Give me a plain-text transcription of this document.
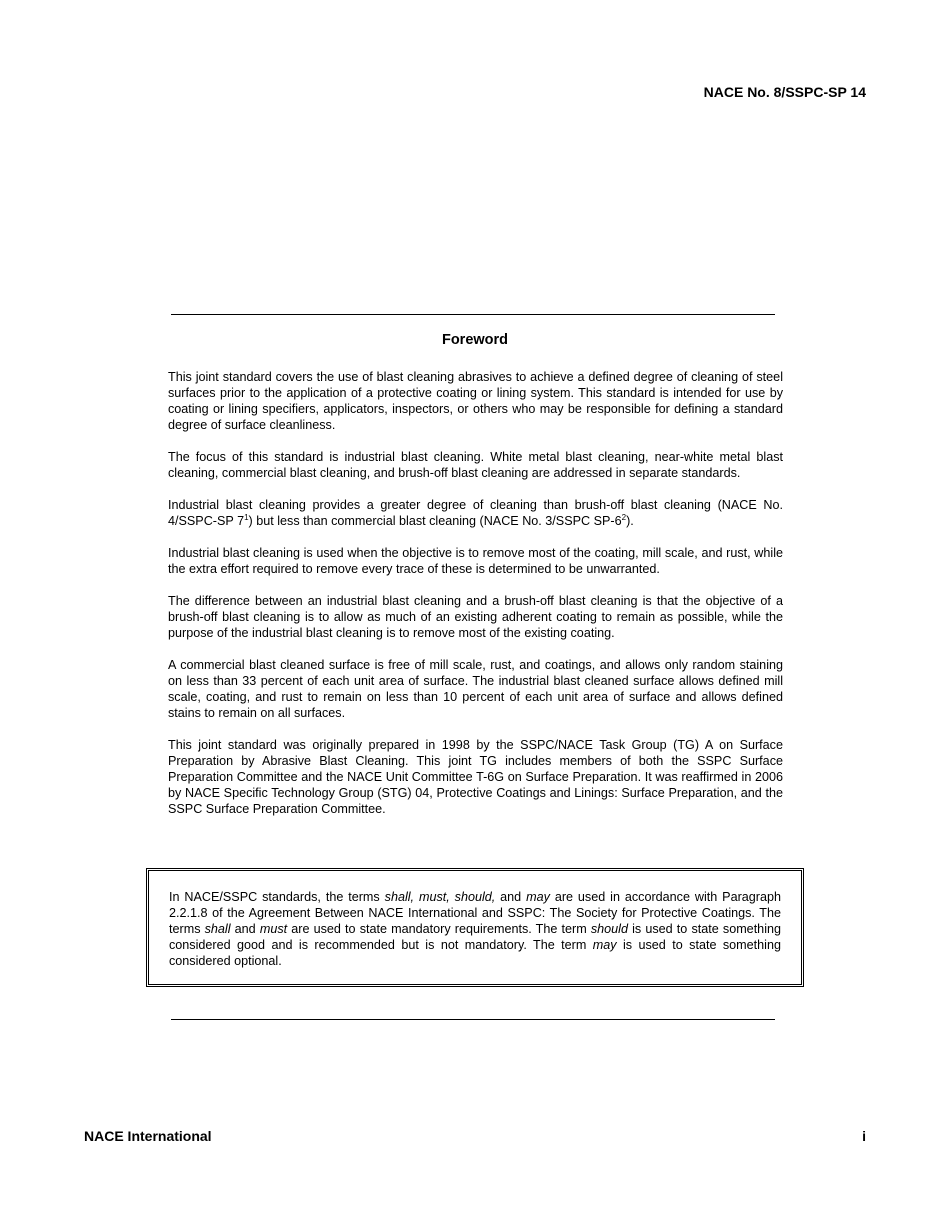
NACE No. 8/SSPC-SP 14
Foreword

This joint standard covers the use of blast cleaning abrasives to achieve a defined degree of cleaning of steel surfaces prior to the application of a protective coating or lining system. This standard is intended for use by coating or lining specifiers, applicators, inspectors, or others who may be responsible for defining a standard degree of surface cleanliness.

The focus of this standard is industrial blast cleaning. White metal blast cleaning, near-white metal blast cleaning, commercial blast cleaning, and brush-off blast cleaning are addressed in separate standards.

Industrial blast cleaning provides a greater degree of cleaning than brush-off blast cleaning (NACE No. 4/SSPC-SP $7^1$) but less than commercial blast cleaning (NACE No. 3/SSPC $SP-6^2$).

Industrial blast cleaning is used when the objective is to remove most of the coating, mill scale, and rust, while the extra effort required to remove every trace of these is determined to be unwarranted.

The difference between an industrial blast cleaning and a brush-off blast cleaning is that the objective of a brush-off blast cleaning is to allow as much of an existing adherent coating to remain as possible, while the purpose of the industrial blast cleaning is to remove most of the existing coating.

A commercial blast cleaned surface is free of mill scale, rust, and coatings, and allows only random staining on less than 33 percent of each unit area of surface. The industrial blast cleaned surface allows defined mill scale, coating, and rust to remain on less than 10 percent of each unit area of surface and allows defined stains to remain on all surfaces.

This joint standard was originally prepared in 1998 by the SSPC/NACE Task Group (TG) A on Surface Preparation by Abrasive Blast Cleaning. This joint TG includes members of both the SSPC Surface Preparation Committee and the NACE Unit Committee T-6G on Surface Preparation. It was reaffirmed in 2006 by NACE Specific Technology Group (STG) 04, Protective Coatings and Linings: Surface Preparation, and the SSPC Surface Preparation Committee.

In NACE/SSPC standards, the terms shall, must, should, and may are used in accordance with Paragraph 2.2.1.8 of the Agreement Between NACE International and SSPC: The Society for Protective Coatings. The terms shall and must are used to state mandatory requirements. The term should is used to state something considered good and is recommended but is not mandatory. The term may is used to state something considered optional.

NACE International	i
